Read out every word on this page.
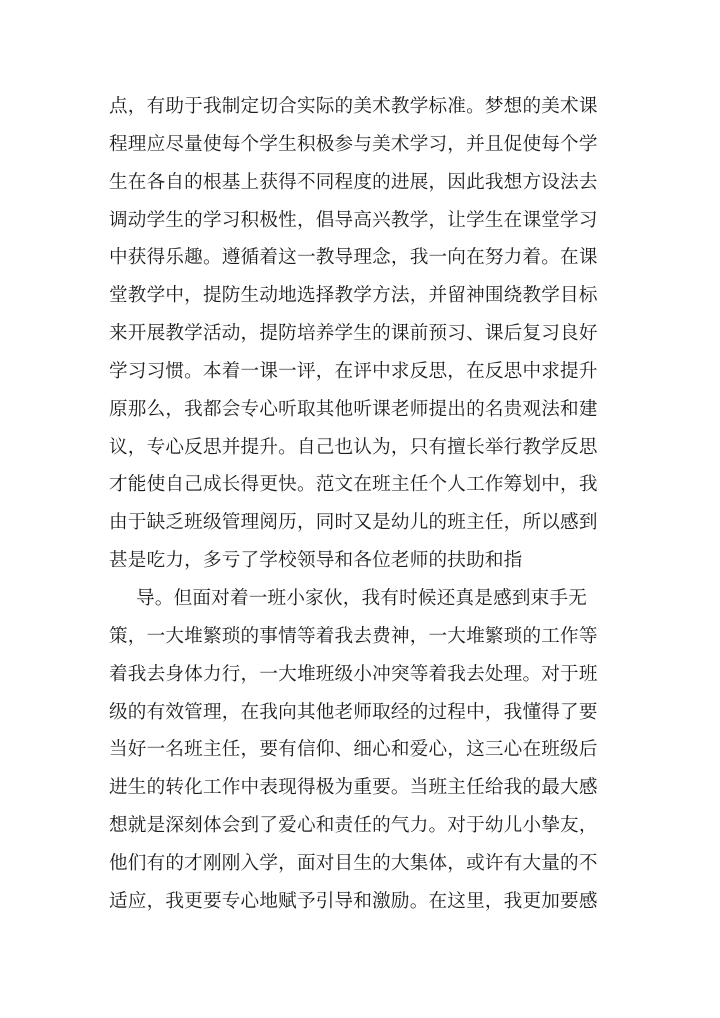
点，有助于我制定切合实际的美术教学标准。梦想的美术课
程理应尽量使每个学生积极参与美术学习，并且促使每个学
生在各自的根基上获得不同程度的进展，因此我想方设法去
调动学生的学习积极性，倡导高兴教学，让学生在课堂学习
中获得乐趣。遵循着这一教导理念，我一向在努力着。在课
堂教学中，提防生动地选择教学方法，并留神围绕教学目标
来开展教学活动，提防培养学生的课前预习、课后复习良好
学习习惯。本着一课一评，在评中求反思，在反思中求提升
原那么，我都会专心听取其他听课老师提出的名贵观法和建
议，专心反思并提升。自己也认为，只有擅长举行教学反思
才能使自己成长得更快。范文在班主任个人工作筹划中，我
由于缺乏班级管理阅历，同时又是幼儿的班主任，所以感到
甚是吃力，多亏了学校领导和各位老师的扶助和指
导。但面对着一班小家伙，我有时候还真是感到束手无
策，一大堆繁琐的事情等着我去费神，一大堆繁琐的工作等
着我去身体力行，一大堆班级小冲突等着我去处理。对于班
级的有效管理，在我向其他老师取经的过程中，我懂得了要
当好一名班主任，要有信仰、细心和爱心，这三心在班级后
进生的转化工作中表现得极为重要。当班主任给我的最大感
想就是深刻体会到了爱心和责任的气力。对于幼儿小挚友，
他们有的才刚刚入学，面对目生的大集体，或许有大量的不
适应，我更要专心地赋予引导和激励。在这里，我更加要感
